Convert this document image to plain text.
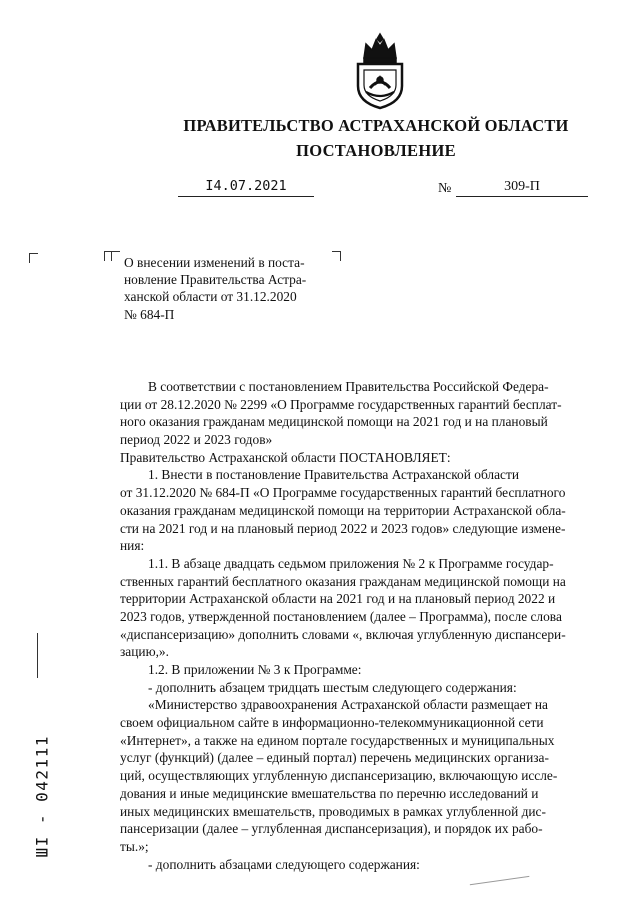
ПРАВИТЕЛЬСТВО АСТРАХАНСКОЙ ОБЛАСТИ
ПОСТАНОВЛЕНИЕ
I4.07.2021	№	309-П
О внесении изменений в поста-
новление Правительства Астра-
ханской области от 31.12.2020
№ 684-П
В соответствии с постановлением Правительства Российской Федера-
ции от 28.12.2020 № 2299 «О Программе государственных гарантий бесплат-
ного оказания гражданам медицинской помощи на 2021 год и на плановый
период 2022 и 2023 годов»
Правительство Астраханской области ПОСТАНОВЛЯЕТ:
1. Внести в постановление Правительства Астраханской области
от 31.12.2020 № 684-П «О Программе государственных гарантий бесплатного
оказания гражданам медицинской помощи на территории Астраханской обла-
сти на 2021 год и на плановый период 2022 и 2023 годов» следующие измене-
ния:
1.1. В абзаце двадцать седьмом приложения № 2 к Программе государ-
ственных гарантий бесплатного оказания гражданам медицинской помощи на
территории Астраханской области на 2021 год и на плановый период 2022 и
2023 годов, утвержденной постановлением (далее – Программа), после слова
«диспансеризацию» дополнить словами «, включая углубленную диспансери-
зацию,».
1.2. В приложении № 3 к Программе:
- дополнить абзацем тридцать шестым следующего содержания:
«Министерство здравоохранения Астраханской области размещает на
своем официальном сайте в информационно-телекоммуникационной сети
«Интернет», а также на едином портале государственных и муниципальных
услуг (функций) (далее – единый портал) перечень медицинских организа-
ций, осуществляющих углубленную диспансеризацию, включающую иссле-
дования и иные медицинские вмешательства по перечню исследований и
иных медицинских вмешательств, проводимых в рамках углубленной дис-
пансеризации (далее – углубленная диспансеризация), и порядок их рабо-
ты.»;
- дополнить абзацами следующего содержания:
ШI - 042111
